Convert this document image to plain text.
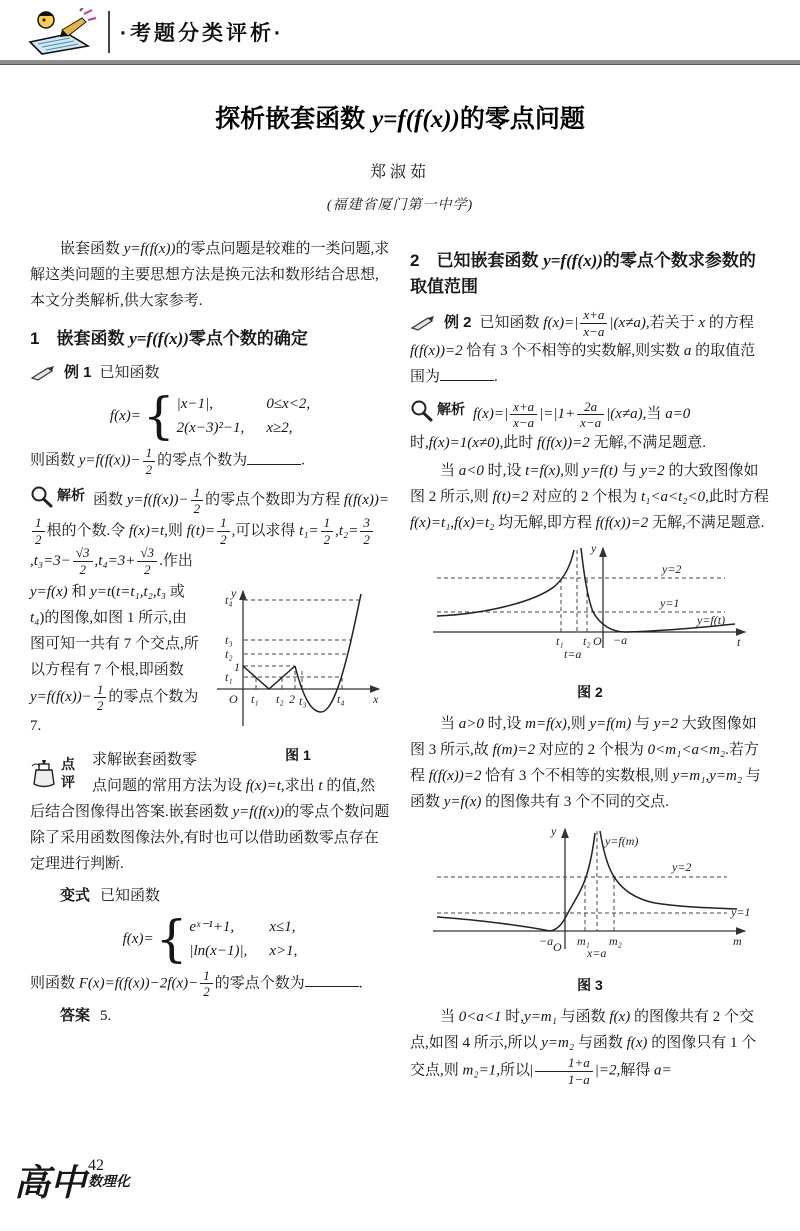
·考题分类评析·
探析嵌套函数 y=f(f(x))的零点问题
郑淑茹
(福建省厦门第一中学)

嵌套函数 y=f(f(x))的零点问题是较难的一类问题,求解这类问题的主要思想方法是换元法和数形结合思想,本文分类解析,供大家参考.

1　嵌套函数 y=f(f(x))零点个数的确定

例 1 已知函数

f(x)= { |x−1|,	0≤x<2,
2(x−3)²−1, x≥2,

则函数 $y=f(f(x))- \frac{1}{2}$ 的零点个数为	.

解析 函数 $y=f(f(x))- \frac{1}{2}$ 的零点个数即为方程 f(f(x))=
$\frac{1}{2}$ 根的个数.令 f(x)=t,则 $f(t)= \frac{1}{2}$ ,可以求得 $t_1= \frac{1}{2} ,t_2= \frac{3}{2}$
$,t_3=3- \frac{√3}{2} ,t_4=3+ \frac{√3}{2}$ .作出

y
t₄
t₃
t₂
1
t₁
O t₁ t₂ 2 t₃	t₄ x
图 1
y=f(x) 和 y=t(t=t₁,t₂,t₃ 或 t₄)的图像,如图 1 所示,由图可知一共有 7 个交点,所以方程有 7 个根,即函数 $y=f(f(x))- \frac{1}{2}$ 的零点个数为 7.

点评
求解嵌套函数零点问题的常用方法为设 f(x)=t,求出 t 的值,然后结合图像得出答案.嵌套函数 y=f(f(x))的零点个数问题除了采用函数图像法外,有时也可以借助函数零点存在定理进行判断.

变式 已知函数

f(x)= { eˣ⁻¹+1,	x≤1,
|ln(x−1)|, x>1,

则函数 $F(x)=f(f(x))-2f(x)- \frac{1}{2}$ 的零点个数为	.

答案 5.

2　已知嵌套函数 y=f(f(x))的零点个数求参数的取值范围

例 2 已知函数 $f(x)=| \frac{x+a}{x-a} |(x\ne a)$,若关于 x 的方程 f(f(x))=2 恰有 3 个不相等的实数解,则实数 a 的取值范围为	.

解析 $f(x)=| \frac{x+a}{x-a} |=|1+ \frac{2a}{x-a} |(x\ne a)$,当 a=0 时,f(x)=1(x≠0),此时 f(f(x))=2 无解,不满足题意.

当 a<0 时,设 t=f(x),则 y=f(t) 与 y=2 的大致图像如图 2 所示,则 f(t)=2 对应的 2 个根为 t₁<a<t₂<0,此时方程 f(x)=t₁,f(x)=t₂ 均无解,即方程 f(f(x))=2 无解,不满足题意.

y
y=2
y=1
y=f(t)
t₁ t₂
t=a
O −a	t
图 2

当 a>0 时,设 m=f(x),则 y=f(m) 与 y=2 大致图像如图 3 所示,故 f(m)=2 对应的 2 个根为 0<m₁<a<m₂.若方程 f(f(x))=2 恰有 3 个不相等的实数根,则 y=m₁,y=m₂ 与函数 y=f(x) 的图像共有 3 个不同的交点.

y
y=f(m)
y=2
y=1
−a O m₁
x=a
m₂	m
图 3

当 0<a<1 时,y=m₁ 与函数 f(x) 的图像共有 2 个交点,如图 4 所示,所以 y=m₂ 与函数 f(x) 的图像只有 1 个交点,则 m₂=1,所以| $\frac{1+a}{1-a} |=2$,解得 a=

高中 42
数理化
